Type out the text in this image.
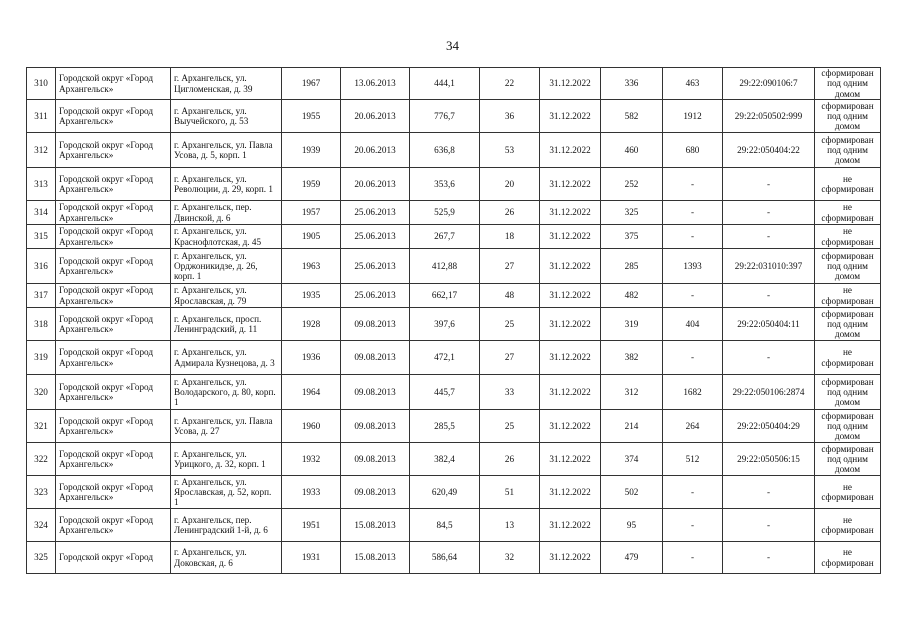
34
310	Городской округ «Город Архангельск»	г. Архангельск, ул. Цигломенская, д. 39	1967	13.06.2013	444,1	22	31.12.2022	336	463	29:22:090106:7	сформирован под одним домом
311	Городской округ «Город Архангельск»	г. Архангельск, ул. Выучейского, д. 53	1955	20.06.2013	776,7	36	31.12.2022	582	1912	29:22:050502:999	сформирован под одним домом
312	Городской округ «Город Архангельск»	г. Архангельск, ул. Павла Усова, д. 5, корп. 1	1939	20.06.2013	636,8	53	31.12.2022	460	680	29:22:050404:22	сформирован под одним домом
313	Городской округ «Город Архангельск»	г. Архангельск, ул. Революции, д. 29, корп. 1	1959	20.06.2013	353,6	20	31.12.2022	252	-	-	не сформирован
314	Городской округ «Город Архангельск»	г. Архангельск, пер. Двинской, д. 6	1957	25.06.2013	525,9	26	31.12.2022	325	-	-	не сформирован
315	Городской округ «Город Архангельск»	г. Архангельск, ул. Краснофлотская, д. 45	1905	25.06.2013	267,7	18	31.12.2022	375	-	-	не сформирован
316	Городской округ «Город Архангельск»	г. Архангельск, ул. Орджоникидзе, д. 26, корп. 1	1963	25.06.2013	412,88	27	31.12.2022	285	1393	29:22:031010:397	сформирован под одним домом
317	Городской округ «Город Архангельск»	г. Архангельск, ул. Ярославская, д. 79	1935	25.06.2013	662,17	48	31.12.2022	482	-	-	не сформирован
318	Городской округ «Город Архангельск»	г. Архангельск, просп. Ленинградский, д. 11	1928	09.08.2013	397,6	25	31.12.2022	319	404	29:22:050404:11	сформирован под одним домом
319	Городской округ «Город Архангельск»	г. Архангельск, ул. Адмирала Кузнецова, д. 3	1936	09.08.2013	472,1	27	31.12.2022	382	-	-	не сформирован
320	Городской округ «Город Архангельск»	г. Архангельск, ул. Володарского, д. 80, корп. 1	1964	09.08.2013	445,7	33	31.12.2022	312	1682	29:22:050106:2874	сформирован под одним домом
321	Городской округ «Город Архангельск»	г. Архангельск, ул. Павла Усова, д. 27	1960	09.08.2013	285,5	25	31.12.2022	214	264	29:22:050404:29	сформирован под одним домом
322	Городской округ «Город Архангельск»	г. Архангельск, ул. Урицкого, д. 32, корп. 1	1932	09.08.2013	382,4	26	31.12.2022	374	512	29:22:050506:15	сформирован под одним домом
323	Городской округ «Город Архангельск»	г. Архангельск, ул. Ярославская, д. 52, корп. 1	1933	09.08.2013	620,49	51	31.12.2022	502	-	-	не сформирован
324	Городской округ «Город Архангельск»	г. Архангельск, пер. Ленинградский 1-й, д. 6	1951	15.08.2013	84,5	13	31.12.2022	95	-	-	не сформирован
325	Городской округ «Город	г. Архангельск, ул. Доковская, д. 6	1931	15.08.2013	586,64	32	31.12.2022	479	-	-	не сформирован
